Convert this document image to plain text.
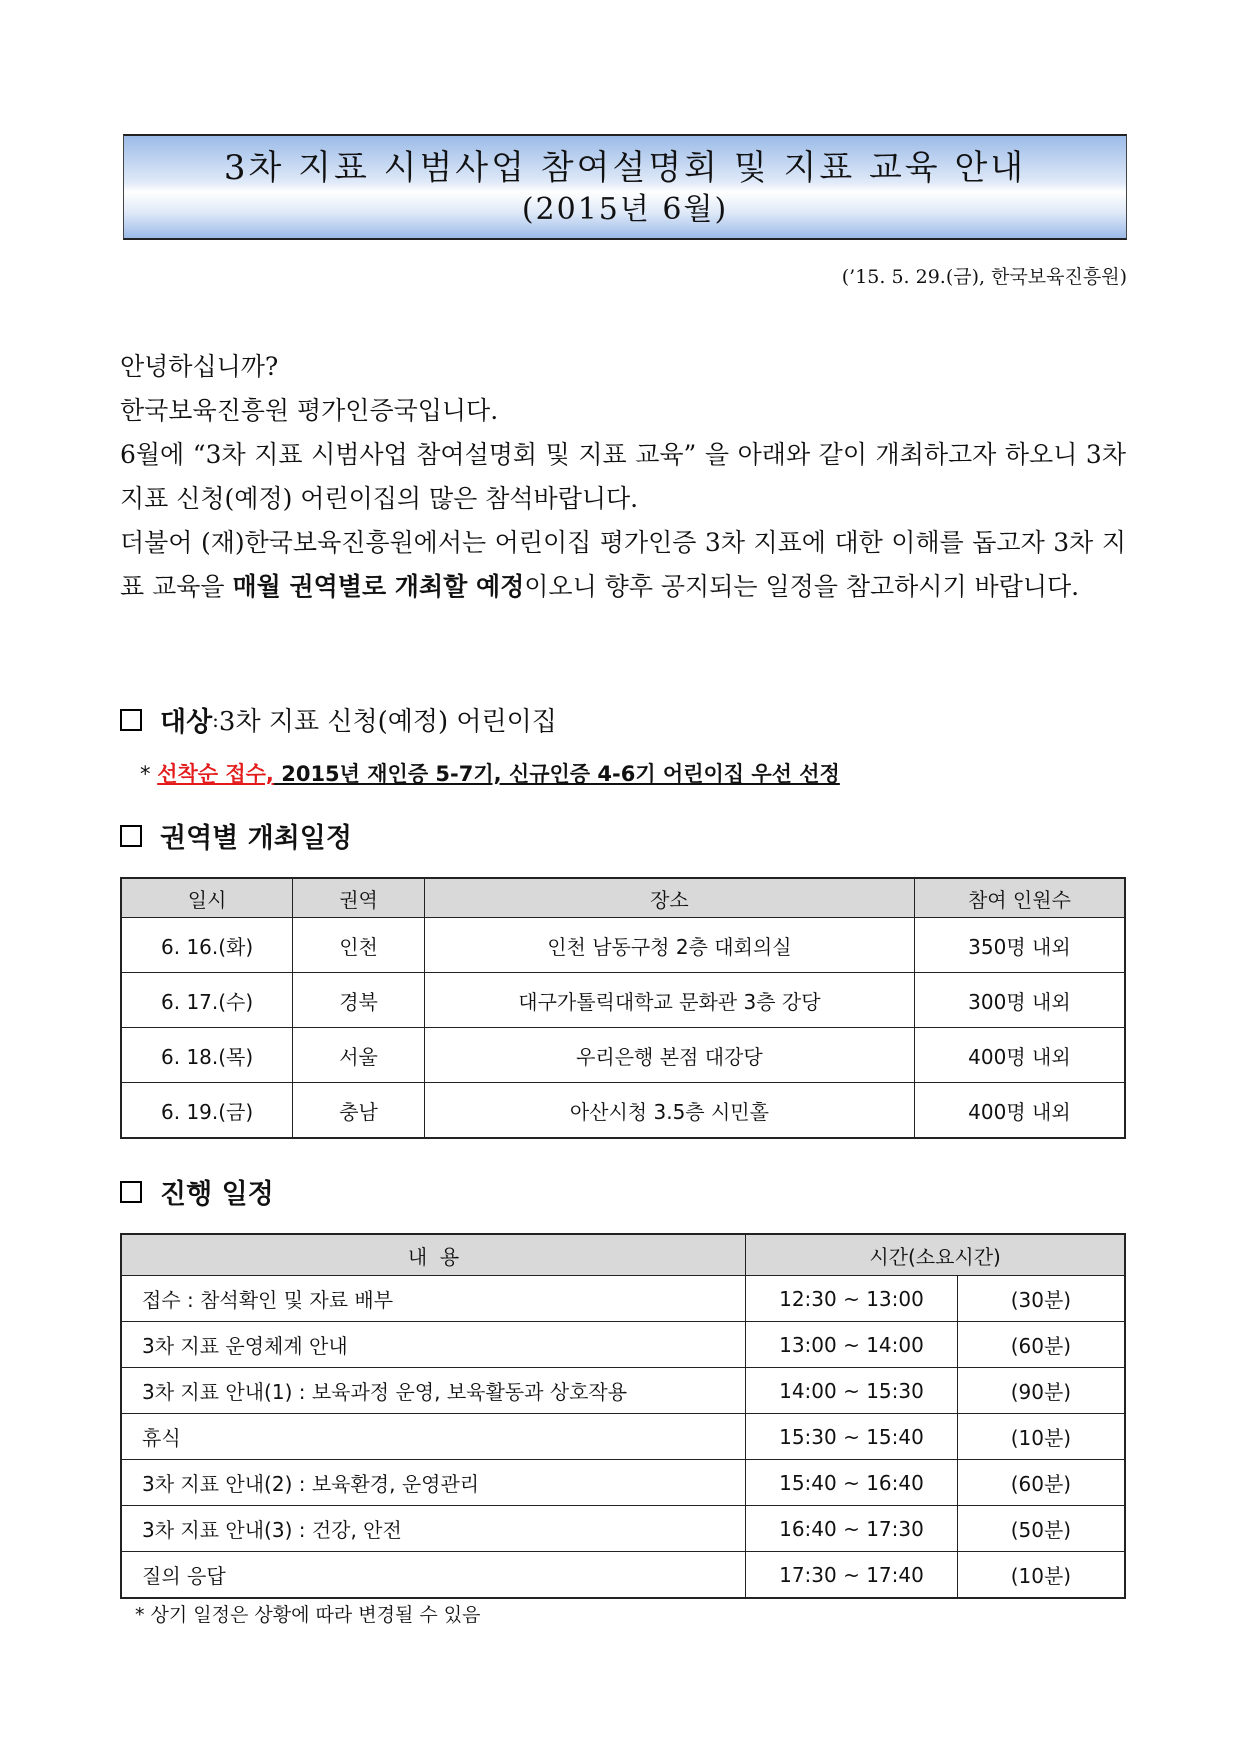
3차 지표 시범사업 참여설명회 및 지표 교육 안내
(2015년 6월)
(’15. 5. 29.(금), 한국보육진흥원)

안녕하십니까?

한국보육진흥원 평가인증국입니다.

6월에 “3차 지표 시범사업 참여설명회 및 지표 교육” 을 아래와 같이 개최하고자 하오니 3차 지표 신청(예정) 어린이집의 많은 참석바랍니다.

더불어 (재)한국보육진흥원에서는 어린이집 평가인증 3차 지표에 대한 이해를 돕고자 3차 지표 교육을 매월 권역별로 개최할 예정이오니 향후 공지되는 일정을 참고하시기 바랍니다.

대상 : 3차 지표 신청(예정) 어린이집
* 선착순 접수, 2015년 재인증 5-7기, 신규인증 4-6기 어린이집 우선 선정
권역별 개최일정
일시	권역	장소	참여 인원수
6. 16.(화)	인천	인천 남동구청 2층 대회의실	350명 내외
6. 17.(수)	경북	대구가톨릭대학교 문화관 3층 강당	300명 내외
6. 18.(목)	서울	우리은행 본점 대강당	400명 내외
6. 19.(금)	충남	아산시청 3.5층 시민홀	400명 내외
진행 일정
내  용	시간(소요시간)	
접수 : 참석확인 및 자료 배부	12:30 ~ 13:00	(30분)
3차 지표 운영체계 안내	13:00 ~ 14:00	(60분)
3차 지표 안내(1) : 보육과정 운영, 보육활동과 상호작용	14:00 ~ 15:30	(90분)
휴식	15:30 ~ 15:40	(10분)
3차 지표 안내(2) : 보육환경, 운영관리	15:40 ~ 16:40	(60분)
3차 지표 안내(3) : 건강, 안전	16:40 ~ 17:30	(50분)
질의 응답	17:30 ~ 17:40	(10분)
* 상기 일정은 상황에 따라 변경될 수 있음
